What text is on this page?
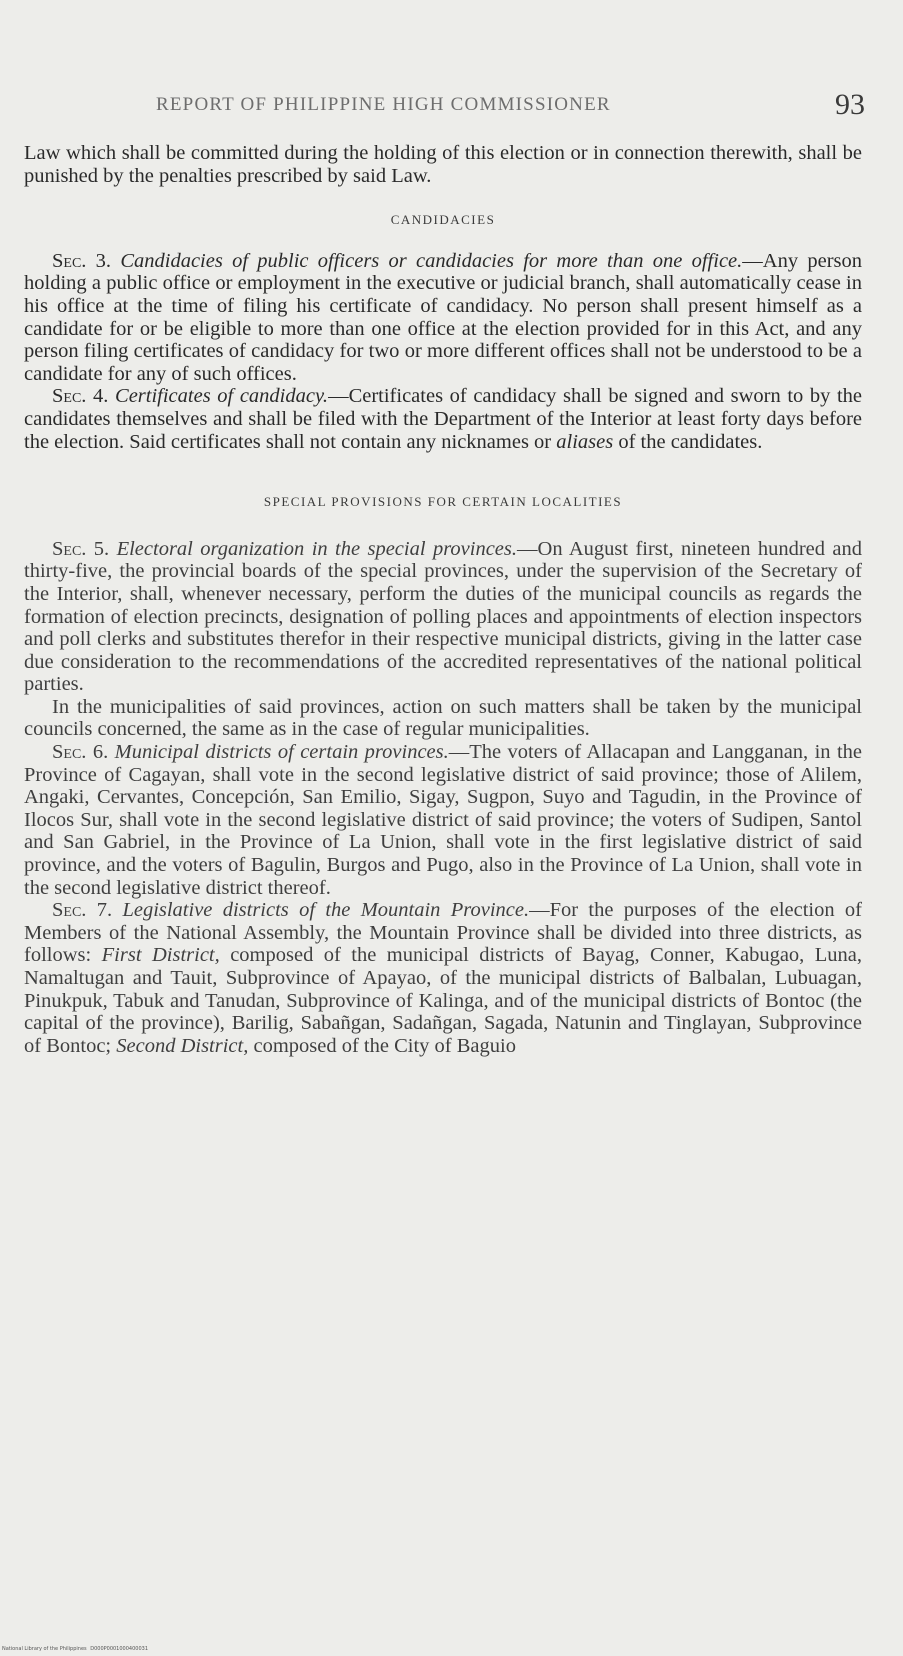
REPORT OF PHILIPPINE HIGH COMMISSIONER	93

Law which shall be committed during the holding of this election or in connection therewith, shall be punished by the penalties prescribed by said Law.

CANDIDACIES

Sec. 3. Candidacies of public officers or candidacies for more than one office.—Any person holding a public office or employment in the executive or judicial branch, shall automatically cease in his office at the time of filing his certificate of candidacy. No person shall present himself as a candidate for or be eligible to more than one office at the election provided for in this Act, and any person filing certificates of candidacy for two or more different offices shall not be understood to be a candidate for any of such offices.

Sec. 4. Certificates of candidacy.—Certificates of candidacy shall be signed and sworn to by the candidates themselves and shall be filed with the Department of the Interior at least forty days before the election. Said certificates shall not contain any nicknames or aliases of the candidates.

SPECIAL PROVISIONS FOR CERTAIN LOCALITIES

Sec. 5. Electoral organization in the special provinces.—On August first, nineteen hundred and thirty-five, the provincial boards of the special provinces, under the supervision of the Secretary of the Interior, shall, whenever necessary, perform the duties of the municipal councils as regards the formation of election precincts, designation of polling places and appointments of election inspectors and poll clerks and substitutes therefor in their respective municipal districts, giving in the latter case due consideration to the recommendations of the accredited representatives of the national political parties.

In the municipalities of said provinces, action on such matters shall be taken by the municipal councils concerned, the same as in the case of regular municipalities.

Sec. 6. Municipal districts of certain provinces.—The voters of Allacapan and Langganan, in the Province of Cagayan, shall vote in the second legislative district of said province; those of Alilem, Angaki, Cervantes, Concepción, San Emilio, Sigay, Sugpon, Suyo and Tagudin, in the Province of Ilocos Sur, shall vote in the second legislative district of said province; the voters of Sudipen, Santol and San Gabriel, in the Province of La Union, shall vote in the first legislative district of said province, and the voters of Bagulin, Burgos and Pugo, also in the Province of La Union, shall vote in the second legislative district thereof.

Sec. 7. Legislative districts of the Mountain Province.—For the purposes of the election of Members of the National Assembly, the Mountain Province shall be divided into three districts, as follows: First District, composed of the municipal districts of Bayag, Conner, Kabugao, Luna, Namaltugan and Tauit, Subprovince of Apayao, of the municipal districts of Balbalan, Lubuagan, Pinukpuk, Tabuk and Tanudan, Subprovince of Kalinga, and of the municipal districts of Bontoc (the capital of the province), Barilig, Sabañgan, Sadañgan, Sagada, Natunin and Tinglayan, Subprovince of Bontoc; Second District, composed of the City of Baguio

National Library of the Philippines D000P0001000400031
